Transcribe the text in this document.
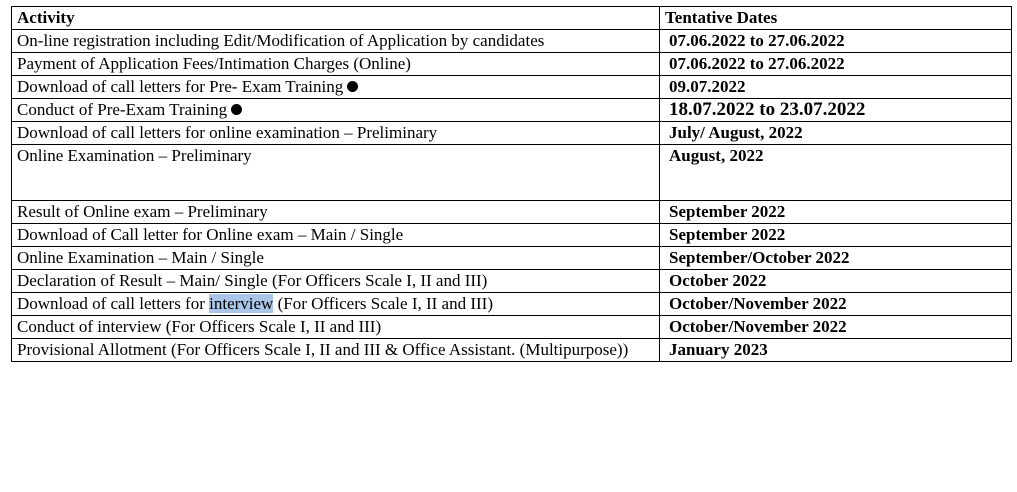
Activity	Tentative Dates
On-line registration including Edit/Modification of Application by candidates	07.06.2022 to 27.06.2022
Payment of Application Fees/Intimation Charges (Online)	07.06.2022 to 27.06.2022
Download of call letters for Pre- Exam Training	09.07.2022
Conduct of Pre-Exam Training	18.07.2022 to 23.07.2022
Download of call letters for online examination – Preliminary	July/ August, 2022
Online Examination – Preliminary	August, 2022
Result of Online exam – Preliminary	September 2022
Download of Call letter for Online exam – Main / Single	September 2022
Online Examination – Main / Single	September/October 2022
Declaration of Result – Main/ Single (For Officers Scale I, II and III)	October 2022
Download of call letters for interview (For Officers Scale I, II and III)	October/November 2022
Conduct of interview (For Officers Scale I, II and III)	October/November 2022
Provisional Allotment (For Officers Scale I, II and III & Office Assistant. (Multipurpose))	January 2023
